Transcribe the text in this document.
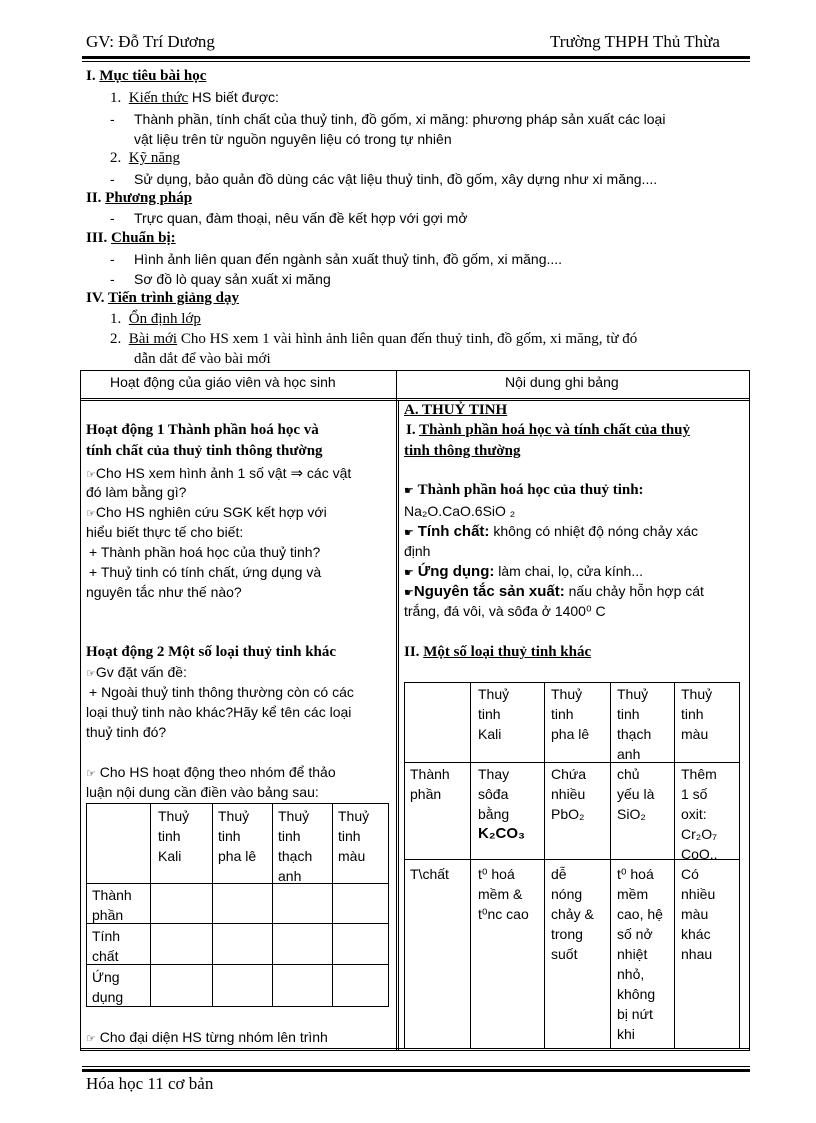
GV: Đỗ Trí Dương	Trường THPH Thủ Thừa
I. Mục tiêu bài học
1. Kiến thức HS biết được:
- Thành phần, tính chất của thuỷ tinh, đồ gốm, xi măng: phương pháp sản xuất các loại
vật liệu trên từ nguồn nguyên liệu có trong tự nhiên
2. Kỹ năng
- Sử dụng, bảo quản đồ dùng các vật liệu thuỷ tinh, đồ gốm, xây dựng như xi măng....
II. Phương pháp
- Trực quan, đàm thoại, nêu vấn đề kết hợp với gợi mở
III. Chuẩn bị:
- Hình ảnh liên quan đến ngành sản xuất thuỷ tinh, đồ gốm, xi măng....
- Sơ đồ lò quay sản xuất xi măng
IV. Tiến trình giảng dạy
1. Ổn định lớp
2. Bài mới Cho HS xem 1 vài hình ảnh liên quan đến thuỷ tinh, đồ gốm, xi măng, từ đó
dẫn dắt để vào bài mới
Hoạt động của giáo viên và học sinh	Nội dung ghi bảng
Hoạt động 1 Thành phần hoá học và
tính chất của thuỷ tinh thông thường
☞Cho HS xem hình ảnh 1 số vật ⇒ các vật
đó làm bằng gì?
☞Cho HS nghiên cứu SGK kết hợp với
hiểu biết thực tế cho biết:
+ Thành phần hoá học của thuỷ tinh?
+ Thuỷ tinh có tính chất, ứng dụng và
nguyên tắc như thế nào?
Hoạt động 2 Một số loại thuỷ tinh khác
☞Gv đặt vấn đề:
+ Ngoài thuỷ tinh thông thường còn có các
loại thuỷ tinh nào khác?Hãy kể tên các loại
thuỷ tinh đó?
☞ Cho HS hoạt động theo nhóm để thảo
luận nội dung cần điền vào bảng sau:
Thuỷ
tinh
Kali
Thuỷ
tinh
pha lê
Thuỷ
tinh
thạch
anh
Thuỷ
tinh
màu
Thành
phần
Tính
chất
Ứng
dụng
☞ Cho đại diện HS từng nhóm lên trình
A. THUỶ TINH
I. Thành phần hoá học và tính chất của thuỷ
tinh thông thường
☛ Thành phần hoá học của thuỷ tinh:
Na₂O.CaO.6SiO ₂
☛ Tính chất: không có nhiệt độ nóng chảy xác
định
☛ Ứng dụng: làm chai, lọ, cửa kính...
☛Nguyên tắc sản xuất: nấu chảy hỗn hợp cát
trắng, đá vôi, và sôđa ở 1400⁰ C
II. Một số loại thuỷ tinh khác
Thuỷ
tinh
Kali
Thuỷ
tinh
pha lê
Thuỷ
tinh
thạch
anh
Thuỷ
tinh
màu
Thành
phần
Thay
sôđa
bằng
K₂CO₃
Chứa
nhiều
PbO₂
chủ
yếu là
SiO₂
Thêm
1 số
oxit:
Cr₂O₇
CoO..
T\chất t⁰ hoá
mềm &
t⁰nc cao
dễ
nóng
chảy &
trong
suốt
t⁰ hoá
mềm
cao, hệ
số nở
nhiệt
nhỏ,
không
bị nứt
khi
Có
nhiều
màu
khác
nhau
Hóa học 11 cơ bản
